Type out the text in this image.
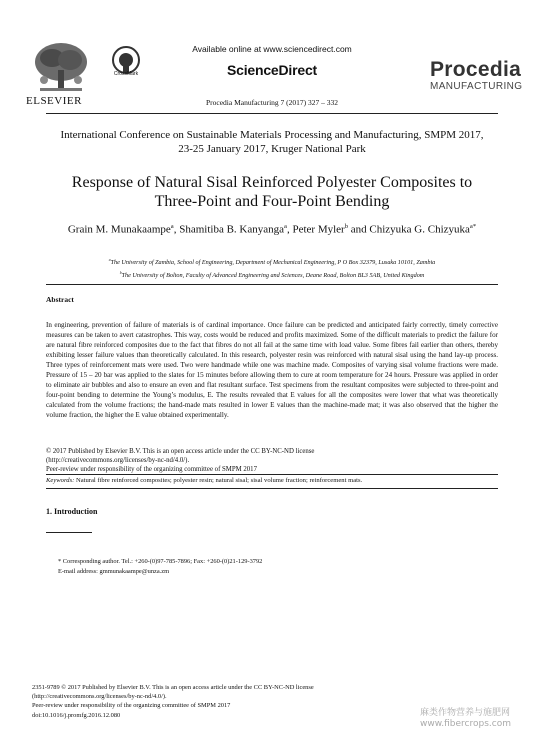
ELSEVIER
CrossMark
Available online at www.sciencedirect.com
ScienceDirect
Procedia Manufacturing 7 (2017) 327 – 332
Procedia
MANUFACTURING
International Conference on Sustainable Materials Processing and Manufacturing, SMPM 2017,
23-25 January 2017, Kruger National Park
Response of Natural Sisal Reinforced Polyester Composites to
Three-Point and Four-Point Bending
Grain M. Munakaampe$^a$, Shamitiba B. Kanyanga$^a$, Peter Myler$^b$ and Chizyuka G. Chizyuka$^{a*}$
$^a$The University of Zambia, School of Engineering, Department of Mechanical Engineering, P O Box 32379, Lusaka 10101, Zambia
$^b$The University of Bolton, Faculty of Advanced Engineering and Sciences, Deane Road, Bolton BL3 5AB, United Kingdom
Abstract
In engineering, prevention of failure of materials is of cardinal importance. Once failure can be predicted and anticipated fairly correctly, timely corrective measures can be taken to avert catastrophes. This way, costs would be reduced and profits maximized. Some of the difficult materials to predict the failure for are natural fibre reinforced composites due to the fact that fibres do not all fail at the same time with load value. Some fibres fail earlier than others, thereby exhibiting lesser failure values than theoretically calculated. In this research, polyester resin was reinforced with natural sisal using the hand lay-up process. Three types of reinforcement mats were used. Two were handmade while one was machine made. Composites of varying sisal volume fractions were made. Pressure of 15 – 20 bar was applied to the slates for 15 minutes before allowing them to cure at room temperature for 24 hours. Pressure was applied in order to eliminate air bubbles and also to ensure an even and flat resultant surface. Test specimens from the resultant composites were subjected to three-point and four-point bending to determine the Young’s modulus, E. The results revealed that E values for all the composites were lower that what was theoretically calculated from the volume fractions; the hand-made mats resulted in lower E values than the machine-made mat; it was also observed that the higher the volume fraction, the higher the E value obtained experimentally.
© 2017 Published by Elsevier B.V. This is an open access article under the CC BY-NC-ND license
(http://creativecommons.org/licenses/by-nc-nd/4.0/).
Peer-review under responsibility of the organizing committee of SMPM 2017
Keywords: Natural fibre reinforced composites; polyester resin; natural sisal; sisal volume fraction; reinforcement mats.
1. Introduction
* Corresponding author. Tel.: +260-(0)97-785-7896; Fax: +260-(0)21-129-3792
E-mail address: gmmunakaampe@unza.zm
2351-9789 © 2017 Published by Elsevier B.V. This is an open access article under the CC BY-NC-ND license
(http://creativecommons.org/licenses/by-nc-nd/4.0/).
Peer-review under responsibility of the organizing committee of SMPM 2017
doi:10.1016/j.promfg.2016.12.080	麻类作物营养与施肥网
www.fibercrops.com
